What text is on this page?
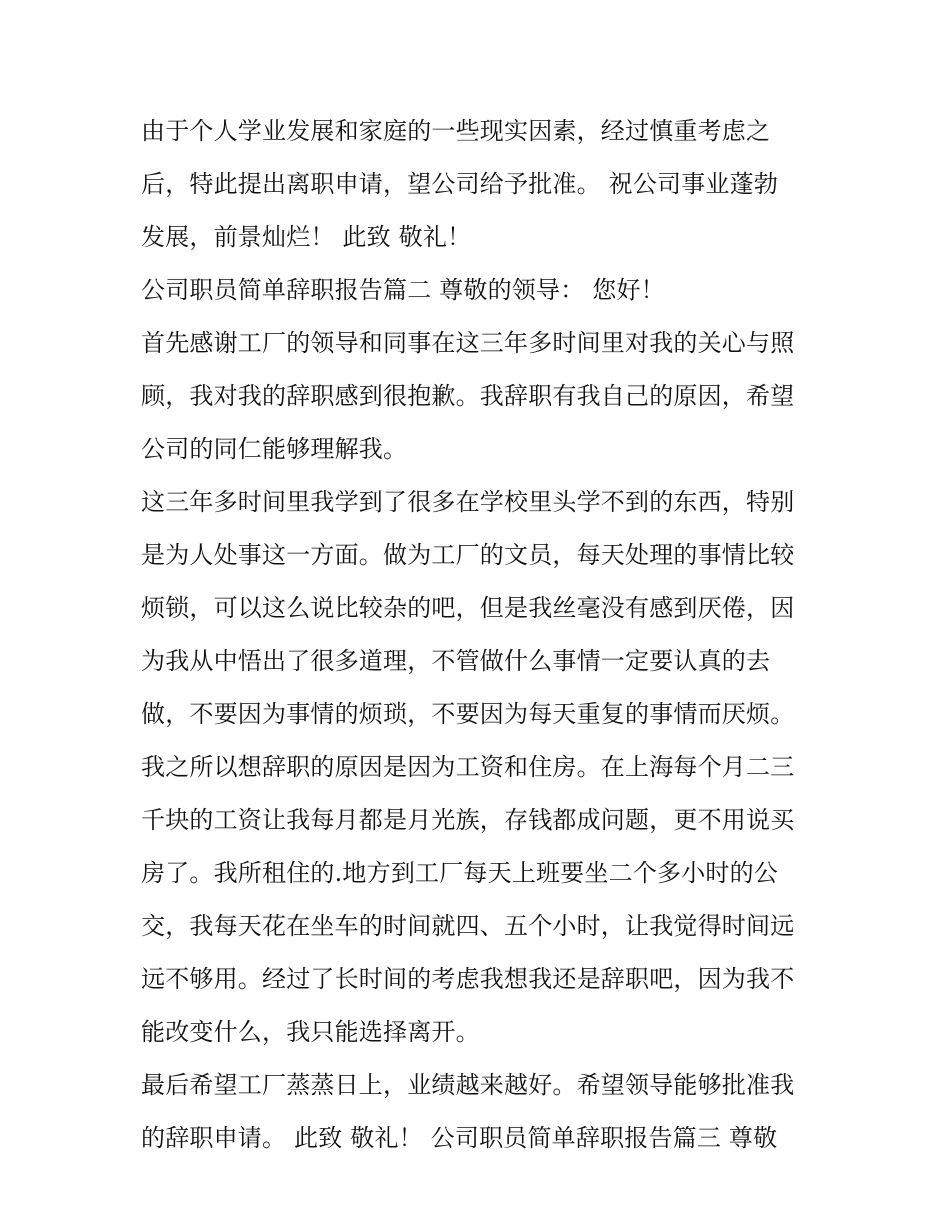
由于个人学业发展和家庭的一些现实因素，经过慎重考虑之
后，特此提出离职申请，望公司给予批准。 祝公司事业蓬勃
发展，前景灿烂！ 此致 敬礼！
公司职员简单辞职报告篇二 尊敬的领导： 您好！
首先感谢工厂的领导和同事在这三年多时间里对我的关心与照
顾，我对我的辞职感到很抱歉。我辞职有我自己的原因，希望
公司的同仁能够理解我。
这三年多时间里我学到了很多在学校里头学不到的东西，特别
是为人处事这一方面。做为工厂的文员，每天处理的事情比较
烦锁，可以这么说比较杂的吧，但是我丝毫没有感到厌倦，因
为我从中悟出了很多道理，不管做什么事情一定要认真的去
做，不要因为事情的烦琐，不要因为每天重复的事情而厌烦。
我之所以想辞职的原因是因为工资和住房。在上海每个月二三
千块的工资让我每月都是月光族，存钱都成问题，更不用说买
房了。我所租住的.地方到工厂每天上班要坐二个多小时的公
交，我每天花在坐车的时间就四、五个小时，让我觉得时间远
远不够用。经过了长时间的考虑我想我还是辞职吧，因为我不
能改变什么，我只能选择离开。
最后希望工厂蒸蒸日上，业绩越来越好。希望领导能够批准我
的辞职申请。 此致 敬礼！ 公司职员简单辞职报告篇三 尊敬
